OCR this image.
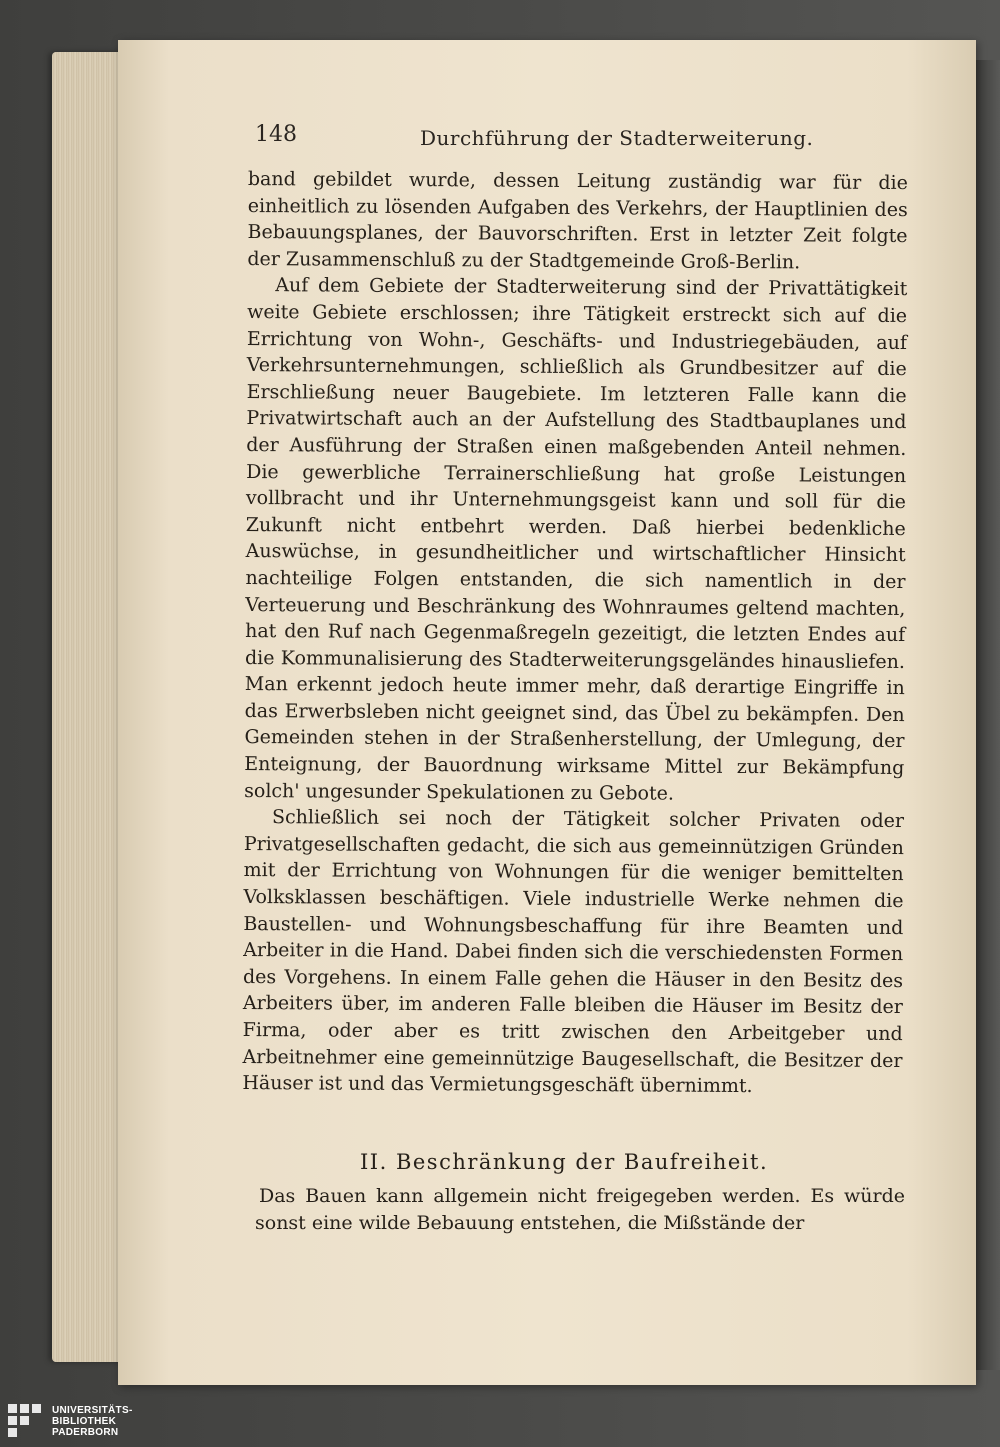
148	Durchführung der Stadterweiterung.

band gebildet wurde, dessen Leitung zuständig war für die einheitlich zu lösenden Aufgaben des Verkehrs, der Hauptlinien des Bebauungsplanes, der Bauvorschriften. Erst in letzter Zeit folgte der Zusammenschluß zu der Stadtgemeinde Groß-Berlin.

Auf dem Gebiete der Stadterweiterung sind der Privattätigkeit weite Gebiete erschlossen; ihre Tätigkeit erstreckt sich auf die Errichtung von Wohn-, Geschäfts- und Industriegebäuden, auf Verkehrsunternehmungen, schließlich als Grundbesitzer auf die Erschließung neuer Baugebiete. Im letzteren Falle kann die Privatwirtschaft auch an der Aufstellung des Stadtbauplanes und der Ausführung der Straßen einen maßgebenden Anteil nehmen. Die gewerbliche Terrainerschließung hat große Leistungen vollbracht und ihr Unternehmungsgeist kann und soll für die Zukunft nicht entbehrt werden. Daß hierbei bedenkliche Auswüchse, in gesundheitlicher und wirtschaftlicher Hinsicht nachteilige Folgen entstanden, die sich namentlich in der Verteuerung und Beschränkung des Wohnraumes geltend machten, hat den Ruf nach Gegenmaßregeln gezeitigt, die letzten Endes auf die Kommunalisierung des Stadterweiterungsgeländes hinausliefen. Man erkennt jedoch heute immer mehr, daß derartige Eingriffe in das Erwerbsleben nicht geeignet sind, das Übel zu bekämpfen. Den Gemeinden stehen in der Straßenherstellung, der Umlegung, der Enteignung, der Bauordnung wirksame Mittel zur Bekämpfung solch' ungesunder Spekulationen zu Gebote.

Schließlich sei noch der Tätigkeit solcher Privaten oder Privatgesellschaften gedacht, die sich aus gemeinnützigen Gründen mit der Errichtung von Wohnungen für die weniger bemittelten Volksklassen beschäftigen. Viele industrielle Werke nehmen die Baustellen- und Wohnungsbeschaffung für ihre Beamten und Arbeiter in die Hand. Dabei finden sich die verschiedensten Formen des Vorgehens. In einem Falle gehen die Häuser in den Besitz des Arbeiters über, im anderen Falle bleiben die Häuser im Besitz der Firma, oder aber es tritt zwischen den Arbeitgeber und Arbeitnehmer eine gemeinnützige Baugesellschaft, die Besitzer der Häuser ist und das Vermietungsgeschäft übernimmt.

II. Beschränkung der Baufreiheit.

Das Bauen kann allgemein nicht freigegeben werden. Es würde sonst eine wilde Bebauung entstehen, die Mißstände der

UNIVERSITÄTS-
BIBLIOTHEK
PADERBORN
